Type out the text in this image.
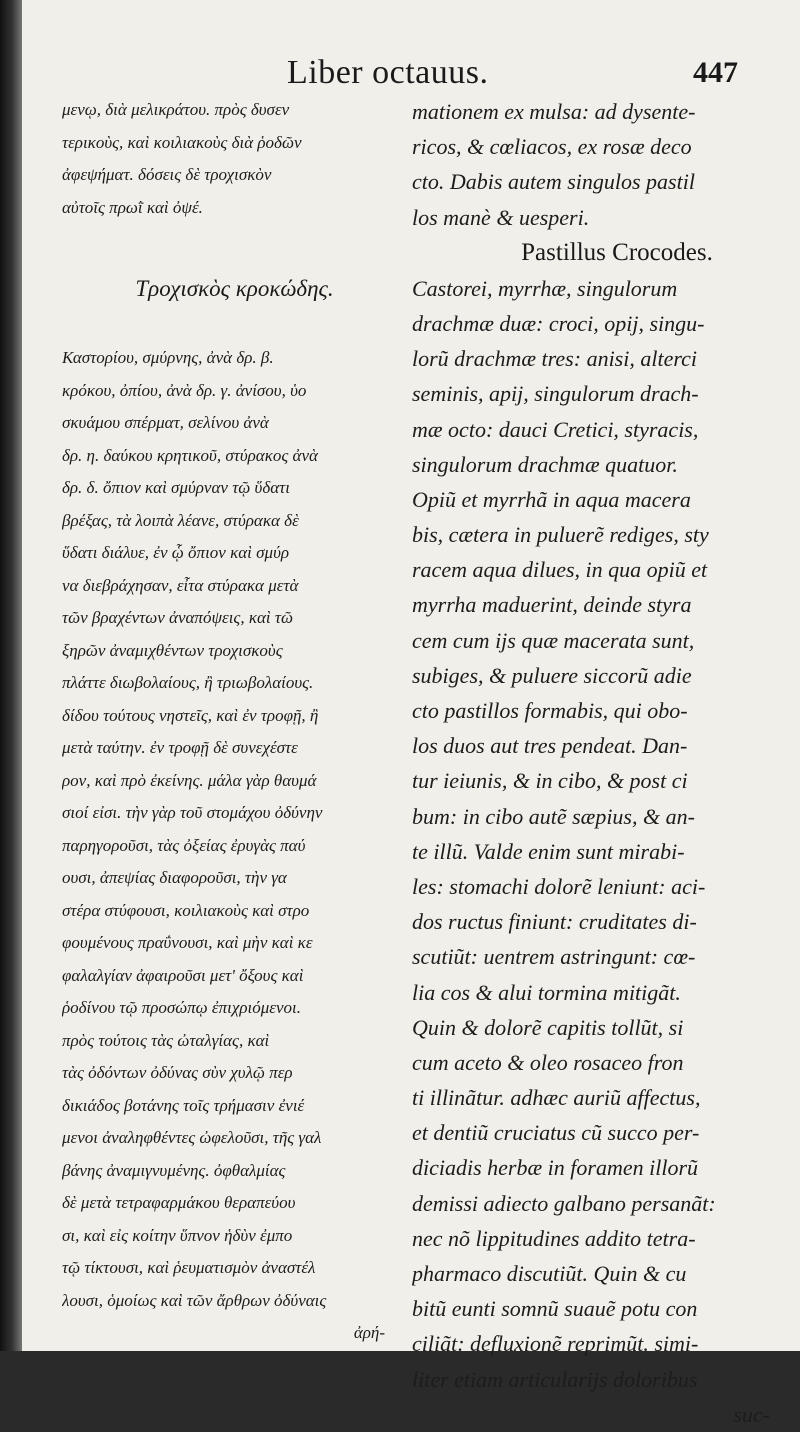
Liber octauus.	447
μενῳ, διὰ μελικράτου. πρὸς δυσεν
τερικοὺς, καὶ κοιλιακοὺς διὰ ῥοδῶν
ἀφεψήματ. δόσεις δὲ τροχισκὸν
αὐτοῖς πρωῒ καὶ ὀψέ.
Τροχισκὸς κροκώδης.
Καστορίου, σμύρνης, ἀνὰ δρ. β.
κρόκου, ὀπίου, ἀνὰ δρ. γ. ἀνίσου, ὑο
σκυάμου σπέρματ, σελίνου ἀνὰ
δρ. η. δαύκου κρητικοῦ, στύρακος ἀνὰ
δρ. δ. ὄπιον καὶ σμύρναν τῷ ὕδατι
βρέξας, τὰ λοιπὰ λέανε, στύρακα δὲ
ὕδατι διάλυε, ἐν ᾧ ὄπιον καὶ σμύρ
να διεβράχησαν, εἶτα στύρακα μετὰ
τῶν βραχέντων ἀναπόψεις, καὶ τῶ
ξηρῶν ἀναμιχθέντων τροχισκοὺς
πλάττε διωβολαίους, ἢ τριωβολαίους.
δίδου τούτους νηστεῖς, καὶ ἐν τροφῇ, ἢ
μετὰ ταύτην. ἐν τροφῇ δὲ συνεχέστε
ρον, καὶ πρὸ ἐκείνης. μάλα γὰρ θαυμά
σιοί εἰσι. τὴν γὰρ τοῦ στομάχου ὀδύνην
παρηγοροῦσι, τὰς ὀξείας ἐρυγὰς παύ
ουσι, ἀπεψίας διαφοροῦσι, τὴν γα
στέρα στύφουσι, κοιλιακοὺς καὶ στρο
φουμένους πραΰνουσι, καὶ μὴν καὶ κε
φαλαλγίαν ἀφαιροῦσι μετ' ὄξους καὶ
ῥοδίνου τῷ προσώπῳ ἐπιχριόμενοι.
πρὸς τούτοις τὰς ὠταλγίας, καὶ
τὰς ὀδόντων ὀδύνας σὺν χυλῷ περ
δικιάδος βοτάνης τοῖς τρήμασιν ἐνιέ
μενοι ἀναληφθέντες ὠφελοῦσι, τῆς γαλ
βάνης ἀναμιγνυμένης. ὀφθαλμίας
δὲ μετὰ τετραφαρμάκου θεραπεύου
σι, καὶ εἰς κοίτην ὕπνον ἡδὺν ἐμπο
τῷ τίκτουσι, καὶ ῥευματισμὸν ἀναστέλ
λουσι, ὁμοίως καὶ τῶν ἄρθρων ὀδύναις
ἀρή-
mationem ex mulsa: ad dysente-
ricos, & cœliacos, ex rosæ deco
cto. Dabis autem singulos pastil
los manè & uesperi.
Pastillus Crocodes.
Castorei, myrrhæ, singulorum
drachmæ duæ: croci, opij, singu-
lorũ drachmæ tres: anisi, alterci
seminis, apij, singulorum drach-
mæ octo: dauci Cretici, styracis,
singulorum drachmæ quatuor.
Opiũ et myrrhã in aqua macera
bis, cætera in puluerẽ rediges, sty
racem aqua dilues, in qua opiũ et
myrrha maduerint, deinde styra
cem cum ijs quæ macerata sunt,
subiges, & puluere siccorũ adie
cto pastillos formabis, qui obo-
los duos aut tres pendeat. Dan-
tur ieiunis, & in cibo, & post ci
bum: in cibo autẽ sæpius, & an-
te illũ. Valde enim sunt mirabi-
les: stomachi dolorẽ leniunt: aci-
dos ructus finiunt: cruditates di-
scutiũt: uentrem astringunt: cœ-
lia cos & alui tormina mitigãt.
Quin & dolorẽ capitis tollũt, si
cum aceto & oleo rosaceo fron
ti illinãtur. adhæc auriũ affectus,
et dentiũ cruciatus cũ succo per-
diciadis herbæ in foramen illorũ
demissi adiecto galbano persanãt:
nec nõ lippitudines addito tetra-
pharmaco discutiũt. Quin & cu
bitũ eunti somnũ suauẽ potu con
ciliãt: defluxionẽ reprimũt. simi-
liter etiam articularijs doloribus
suc-
